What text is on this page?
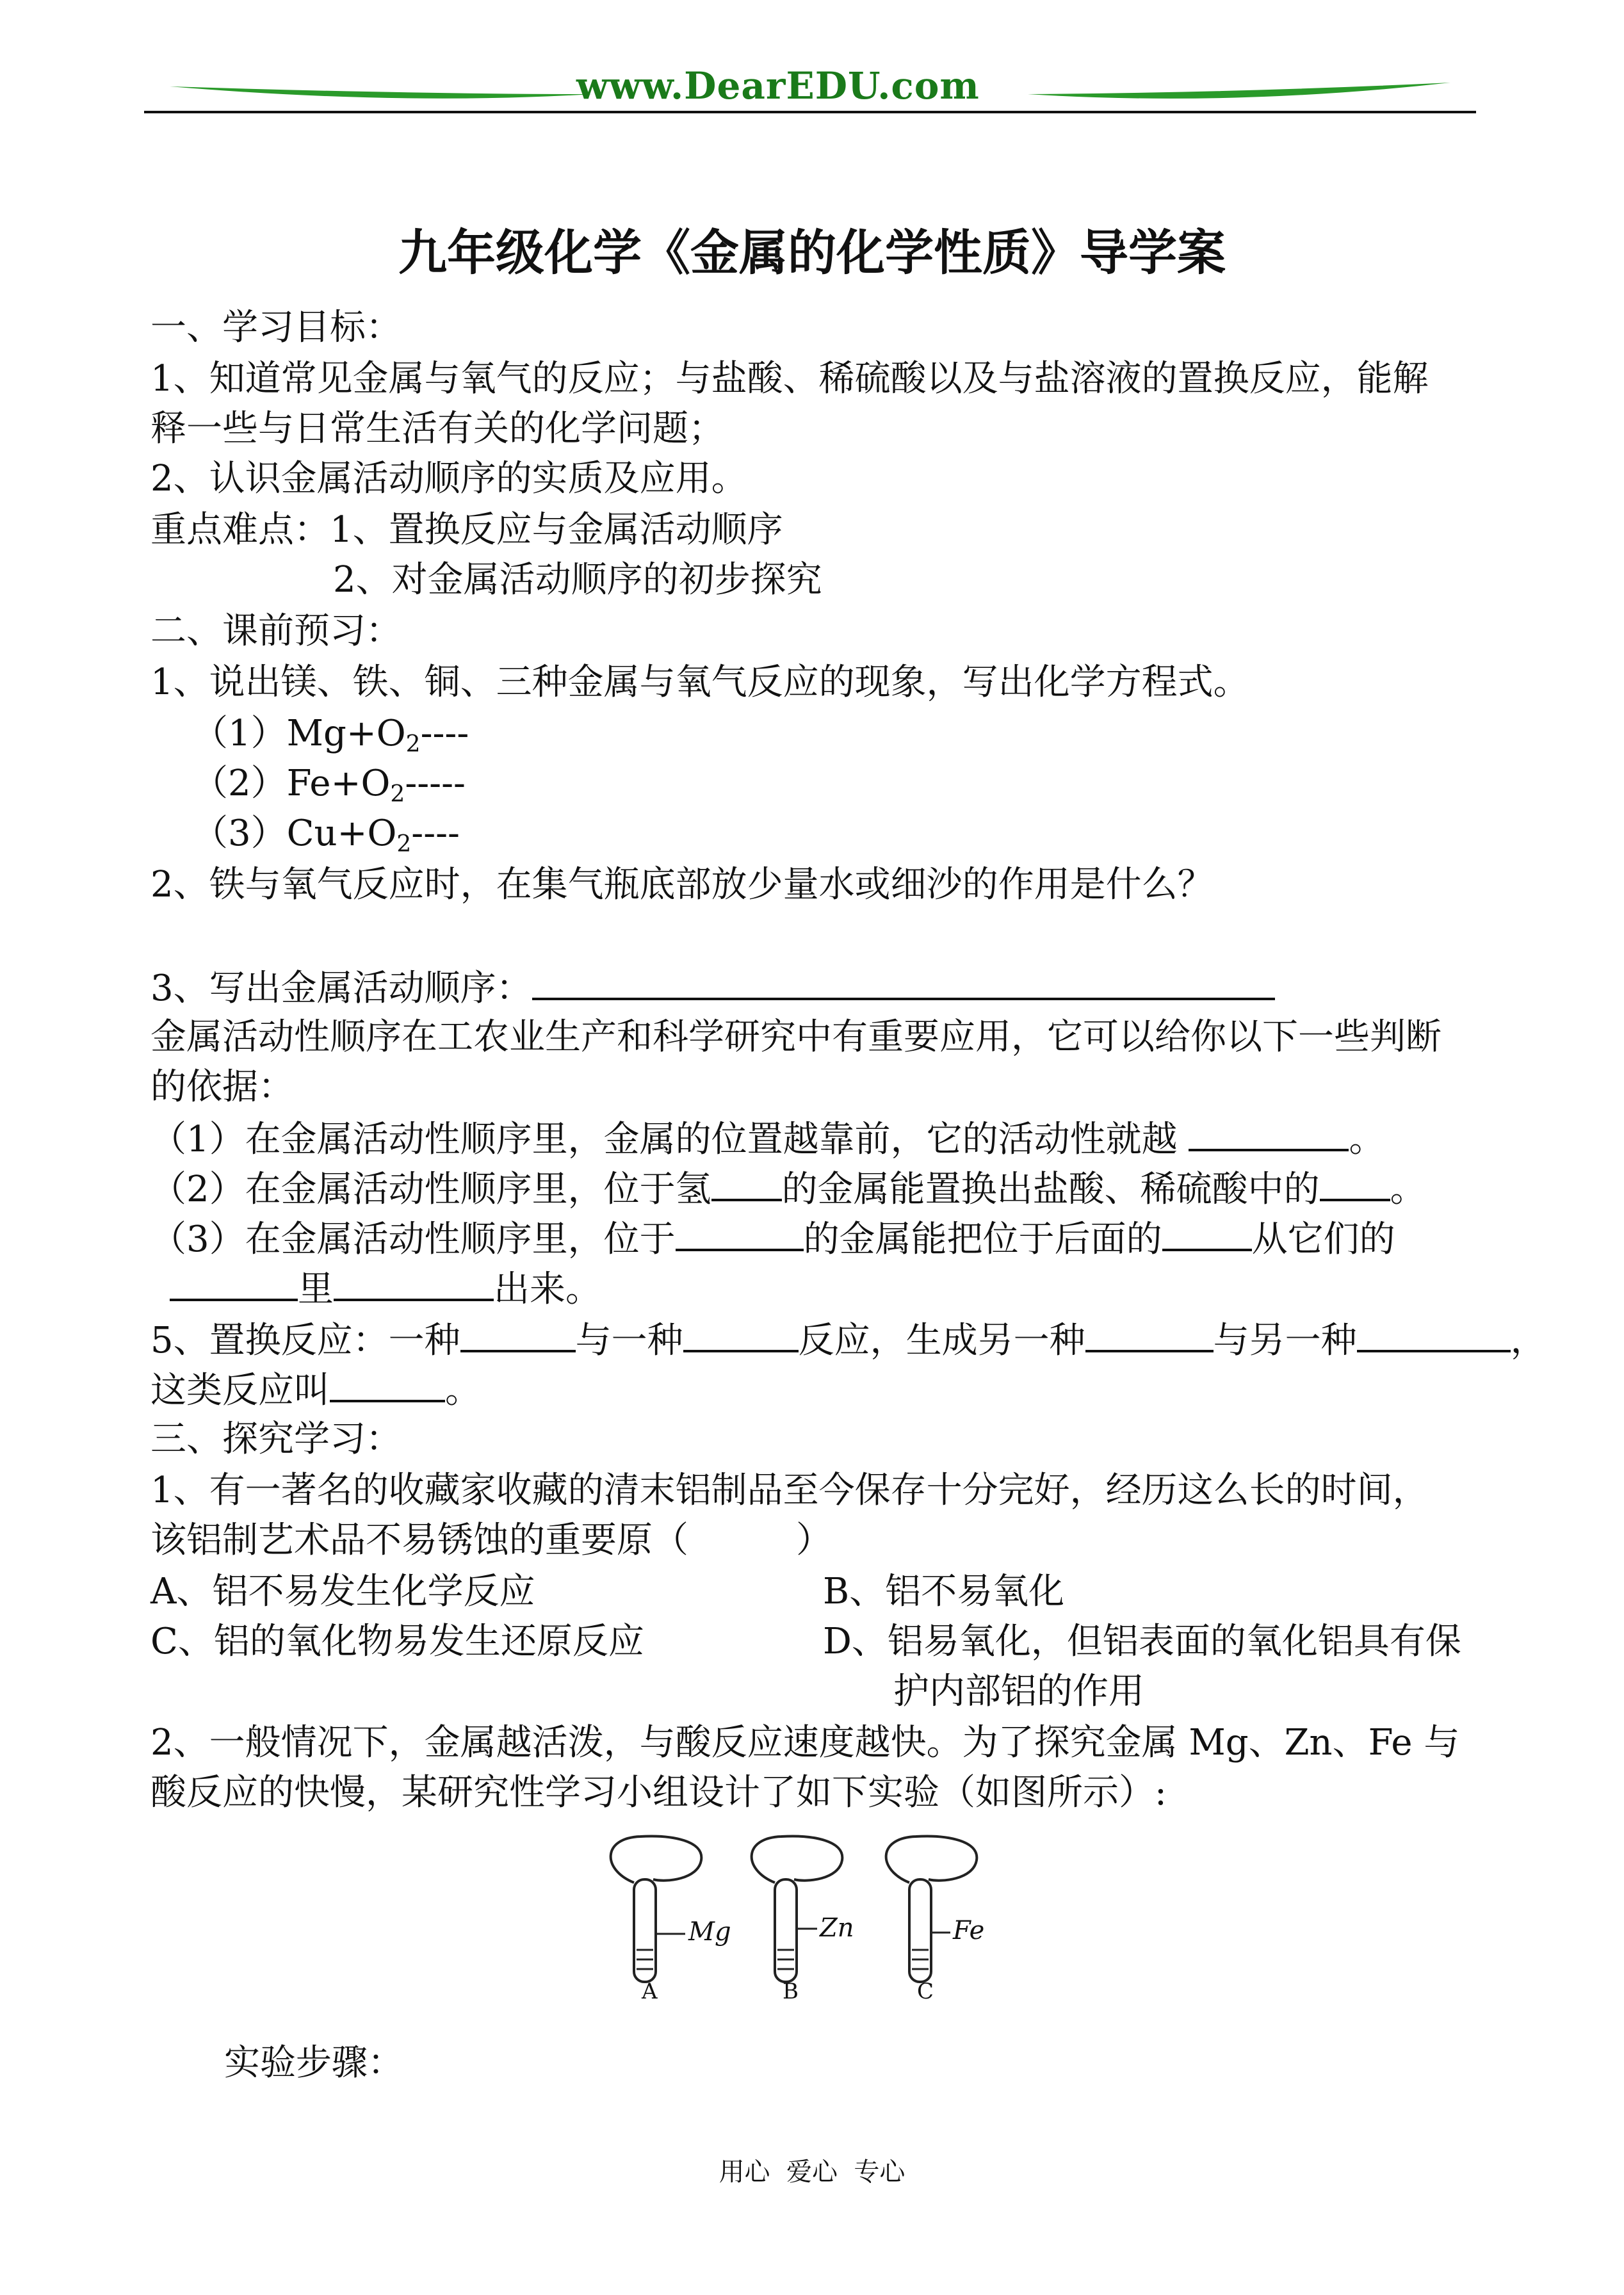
www.DearEDU.com
九年级化学《金属的化学性质》导学案
一、学习目标：
1、知道常见金属与氧气的反应；与盐酸、稀硫酸以及与盐溶液的置换反应，能解
释一些与日常生活有关的化学问题；
2、认识金属活动顺序的实质及应用。
重点难点：1、置换反应与金属活动顺序
2、对金属活动顺序的初步探究
二、课前预习：
1、说出镁、铁、铜、三种金属与氧气反应的现象，写出化学方程式。
$(1)Mg+O_2----$
$(2)Fe+O_2-----$
$(3)Cu+O_2----$
2、铁与氧气反应时，在集气瓶底部放少量水或细沙的作用是什么？
3、写出金属活动顺序：
金属活动性顺序在工农业生产和科学研究中有重要应用，它可以给你以下一些判断
的依据：
（1）在金属活动性顺序里，金属的位置越靠前，它的活动性就越	。
（2）在金属活动性顺序里，位于氢 的金属能置换出盐酸、稀硫酸中的 。
（3）在金属活动性顺序里，位于	的金属能把位于后面的	从它们的
里	出来。
5、置换反应：一种	与一种	反应，生成另一种	与另一种	，
这类反应叫	。
三、探究学习：
1、有一著名的收藏家收藏的清末铝制品至今保存十分完好，经历这么长的时间，
该铝制艺术品不易锈蚀的重要原（　　　）
A、铝不易发生化学反应	B、铝不易氧化
C、铝的氧化物易发生还原反应	D、铝易氧化，但铝表面的氧化铝具有保
护内部铝的作用
2、一般情况下，金属越活泼，与酸反应速度越快。为了探究金属 Mg、Zn、Fe 与
酸反应的快慢，某研究性学习小组设计了如下实验（如图所示）:
Mg	Zn	Fe
A	B	C
实验步骤：
用心  爱心  专心
